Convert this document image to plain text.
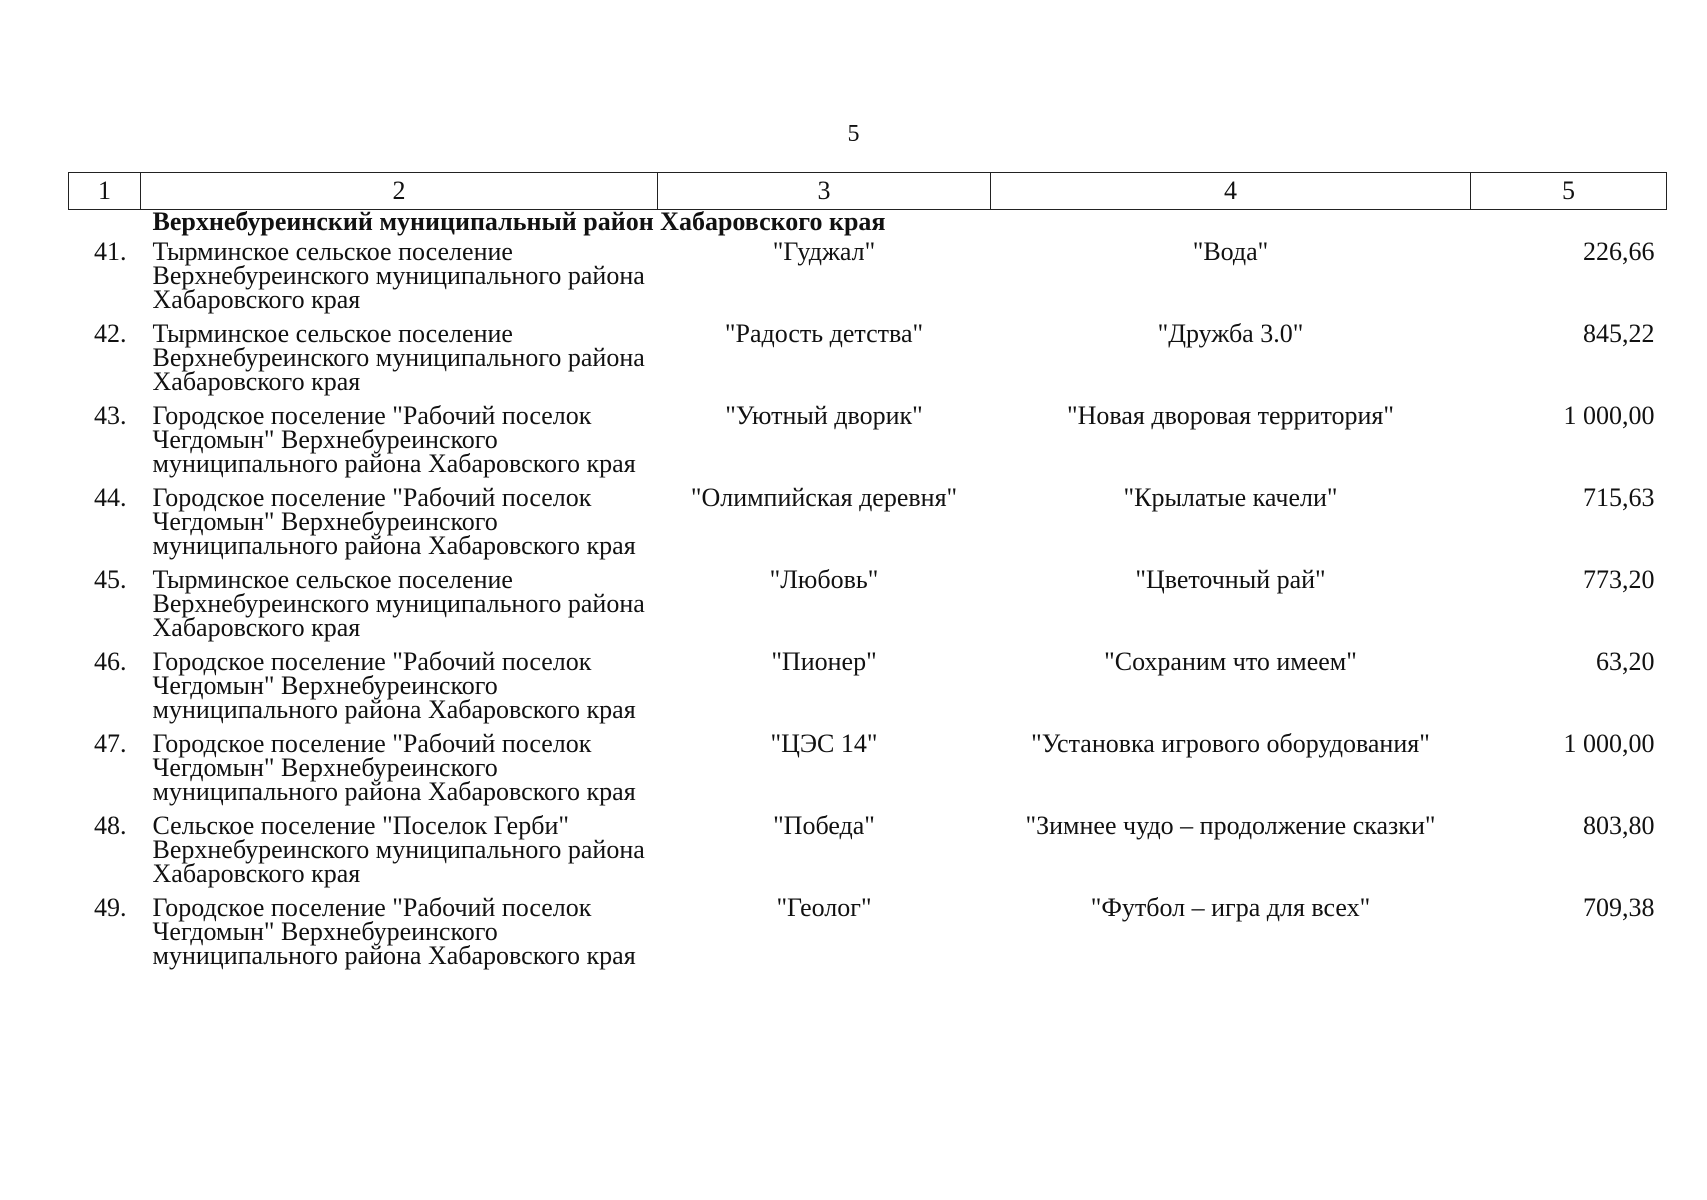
5
1	2	3	4	5
	Верхнебуреинский муниципальный район Хабаровского края			
41.	Тырминское сельское поселение Верхнебуреинского муниципального района Хабаровского края	"Гуджал"	"Вода"	226,66
42.	Тырминское сельское поселение Верхнебуреинского муниципального района Хабаровского края	"Радость детства"	"Дружба 3.0"	845,22
43.	Городское поселение "Рабочий поселок Чегдомын" Верхнебуреинского муниципального района Хабаровского края	"Уютный дворик"	"Новая дворовая территория"	1 000,00
44.	Городское поселение "Рабочий поселок Чегдомын" Верхнебуреинского муниципального района Хабаровского края	"Олимпийская деревня"	"Крылатые качели"	715,63
45.	Тырминское сельское поселение Верхнебуреинского муниципального района Хабаровского края	"Любовь"	"Цветочный рай"	773,20
46.	Городское поселение "Рабочий поселок Чегдомын" Верхнебуреинского муниципального района Хабаровского края	"Пионер"	"Сохраним что имеем"	63,20
47.	Городское поселение "Рабочий поселок Чегдомын" Верхнебуреинского муниципального района Хабаровского края	"ЦЭС 14"	"Установка игрового оборудования"	1 000,00
48.	Сельское поселение "Поселок Герби" Верхнебуреинского муниципального района Хабаровского края	"Победа"	"Зимнее чудо – продолжение сказки"	803,80
49.	Городское поселение "Рабочий поселок Чегдомын" Верхнебуреинского муниципального района Хабаровского края	"Геолог"	"Футбол – игра для всех"	709,38
